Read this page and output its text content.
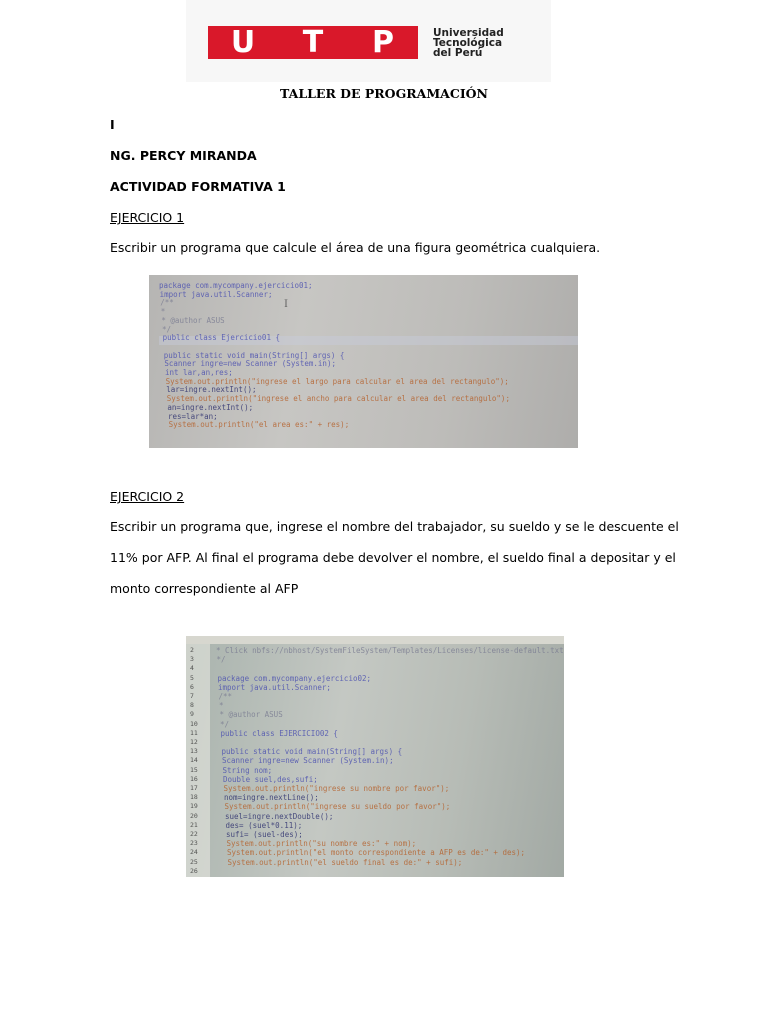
U	T	P	Universidad
Tecnológica
del Perú
TALLER DE PROGRAMACIÓN
I
NG. PERCY MIRANDA
ACTIVIDAD FORMATIVA 1
EJERCICIO 1
Escribir un programa que calcule el área de una figura geométrica cualquiera.
package com.mycompany.ejercicio01;
import java.util.Scanner;
/**
*
* @author ASUS
*/
public class Ejercicio01 {
public static void main(String[] args) {
Scanner ingre=new Scanner (System.in);
int lar,an,res;
System.out.println("ingrese el largo para calcular el area del rectangulo");
lar=ingre.nextInt();
System.out.println("ingrese el ancho para calcular el area del rectangulo");
an=ingre.nextInt();
res=lar*an;
System.out.println("el area es:" + res);
Ｉ
EJERCICIO 2
Escribir un programa que, ingrese el nombre del trabajador, su sueldo y se le descuente el
11% por AFP. Al final el programa debe devolver el nombre, el sueldo final a depositar y el
monto correspondiente al AFP
2
3
4
5
6
7
8
9
10
11
12
13
14
15
16
17
18
19
20
21
22
23
24
25
26
* Click nbfs://nbhost/SystemFileSystem/Templates/Licenses/license-default.txt
*/
package com.mycompany.ejercicio02;
import java.util.Scanner;
/**
*
* @author ASUS
*/
public class EJERCICIO02 {
public static void main(String[] args) {
Scanner ingre=new Scanner (System.in);
String nom;
Double suel,des,sufi;
System.out.println("ingrese su nombre por favor");
nom=ingre.nextLine();
System.out.println("ingrese su sueldo por favor");
suel=ingre.nextDouble();
des= (suel*0.11);
sufi= (suel-des);
System.out.println("su nombre es:" + nom);
System.out.println("el monto correspondiente a AFP es de:" + des);
System.out.println("el sueldo final es de:" + sufi);
